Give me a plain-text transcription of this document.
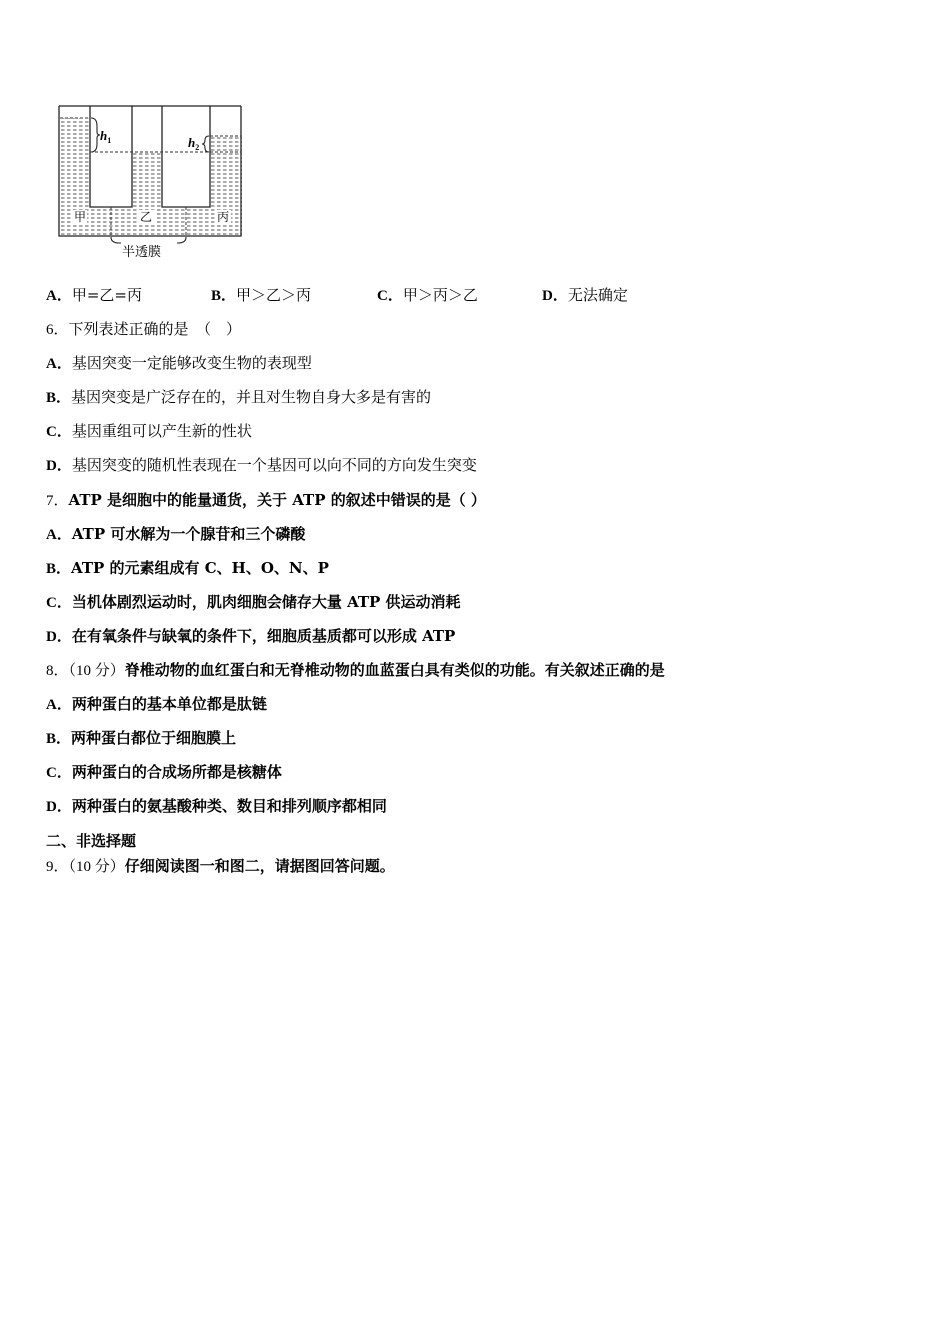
$h_1$	$h_2$
甲	乙	丙
半透膜
A．甲=乙=丙	B．甲＞乙＞丙	C．甲＞丙＞乙	D．无法确定
6．下列表述正确的是　（　）
A．基因突变一定能够改变生物的表现型
B．基因突变是广泛存在的，并且对生物自身大多是有害的
C．基因重组可以产生新的性状
D．基因突变的随机性表现在一个基因可以向不同的方向发生突变
7．ATP 是细胞中的能量通货，关于 ATP 的叙述中错误的是（ ）
A．ATP 可水解为一个腺苷和三个磷酸
B．ATP 的元素组成有 C、H、O、N、P
C．当机体剧烈运动时，肌肉细胞会储存大量 ATP 供运动消耗
D．在有氧条件与缺氧的条件下，细胞质基质都可以形成 ATP
8．（10 分）脊椎动物的血红蛋白和无脊椎动物的血蓝蛋白具有类似的功能。有关叙述正确的是
A．两种蛋白的基本单位都是肽链
B．两种蛋白都位于细胞膜上
C．两种蛋白的合成场所都是核糖体
D．两种蛋白的氨基酸种类、数目和排列顺序都相同
二、非选择题
9．（10 分）仔细阅读图一和图二，请据图回答问题。
